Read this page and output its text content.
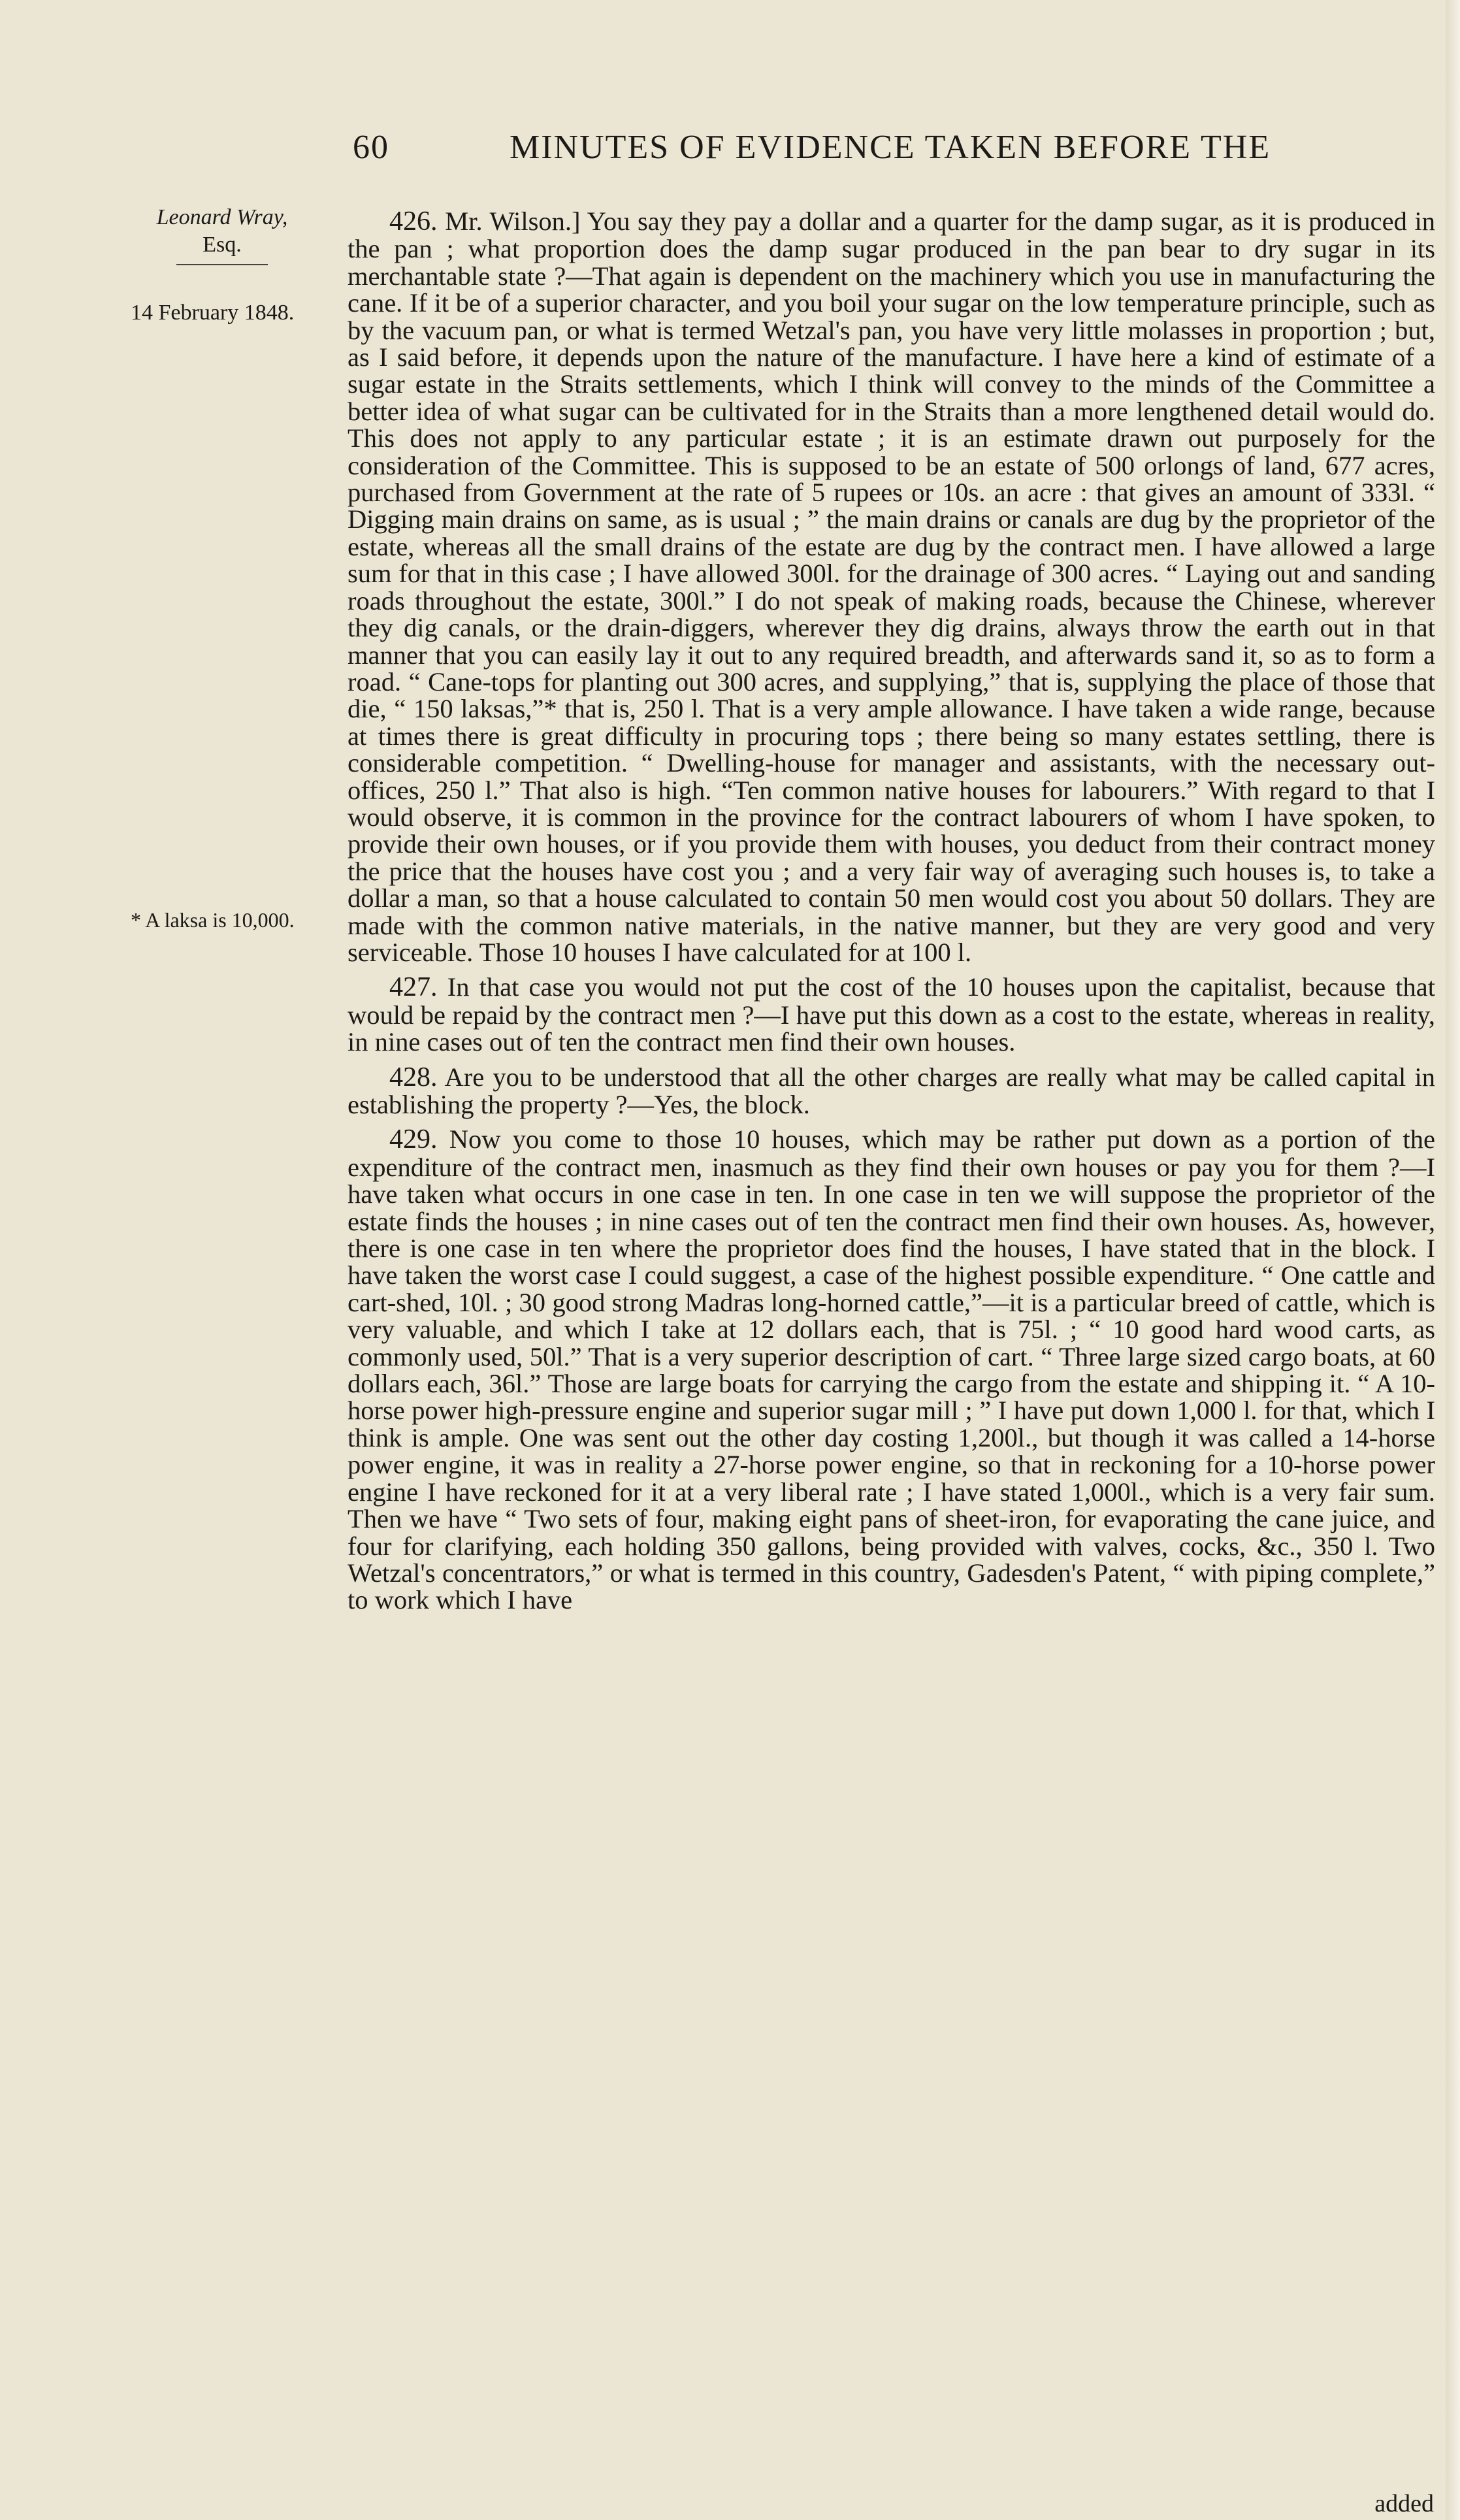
60	MINUTES OF EVIDENCE TAKEN BEFORE THE
Leonard Wray,
Esq.
14 February 1848.
* A laksa is 10,000.

426. Mr. Wilson.] You say they pay a dollar and a quarter for the damp sugar, as it is produced in the pan ; what proportion does the damp sugar produced in the pan bear to dry sugar in its merchantable state ?—That again is dependent on the machinery which you use in manufacturing the cane. If it be of a superior character, and you boil your sugar on the low temperature principle, such as by the vacuum pan, or what is termed Wetzal's pan, you have very little molasses in proportion ; but, as I said before, it depends upon the nature of the manufacture. I have here a kind of estimate of a sugar estate in the Straits settlements, which I think will convey to the minds of the Committee a better idea of what sugar can be cultivated for in the Straits than a more lengthened detail would do. This does not apply to any particular estate ; it is an estimate drawn out purposely for the consideration of the Committee. This is supposed to be an estate of 500 orlongs of land, 677 acres, purchased from Government at the rate of 5 rupees or 10s. an acre : that gives an amount of 333l. “ Digging main drains on same, as is usual ; ” the main drains or canals are dug by the proprietor of the estate, whereas all the small drains of the estate are dug by the contract men. I have allowed a large sum for that in this case ; I have allowed 300l. for the drainage of 300 acres. “ Laying out and sanding roads throughout the estate, 300l.” I do not speak of making roads, because the Chinese, wherever they dig canals, or the drain-diggers, wherever they dig drains, always throw the earth out in that manner that you can easily lay it out to any required breadth, and afterwards sand it, so as to form a road. “ Cane-tops for planting out 300 acres, and supplying,” that is, supplying the place of those that die, “ 150 laksas,”* that is, 250 l. That is a very ample allowance. I have taken a wide range, because at times there is great difficulty in procuring tops ; there being so many estates settling, there is considerable competition. “ Dwelling-house for manager and assistants, with the necessary out-offices, 250 l.” That also is high. “Ten common native houses for labourers.” With regard to that I would observe, it is common in the province for the contract labourers of whom I have spoken, to provide their own houses, or if you provide them with houses, you deduct from their contract money the price that the houses have cost you ; and a very fair way of averaging such houses is, to take a dollar a man, so that a house calculated to contain 50 men would cost you about 50 dollars. They are made with the common native materials, in the native manner, but they are very good and very serviceable. Those 10 houses I have calculated for at 100 l.

427. In that case you would not put the cost of the 10 houses upon the capitalist, because that would be repaid by the contract men ?—I have put this down as a cost to the estate, whereas in reality, in nine cases out of ten the contract men find their own houses.

428. Are you to be understood that all the other charges are really what may be called capital in establishing the property ?—Yes, the block.

429. Now you come to those 10 houses, which may be rather put down as a portion of the expenditure of the contract men, inasmuch as they find their own houses or pay you for them ?—I have taken what occurs in one case in ten. In one case in ten we will suppose the proprietor of the estate finds the houses ; in nine cases out of ten the contract men find their own houses. As, however, there is one case in ten where the proprietor does find the houses, I have stated that in the block. I have taken the worst case I could suggest, a case of the highest possible expenditure. “ One cattle and cart-shed, 10l. ; 30 good strong Madras long-horned cattle,”—it is a particular breed of cattle, which is very valuable, and which I take at 12 dollars each, that is 75l. ; “ 10 good hard wood carts, as commonly used, 50l.” That is a very superior description of cart. “ Three large sized cargo boats, at 60 dollars each, 36l.” Those are large boats for carrying the cargo from the estate and shipping it. “ A 10-horse power high-pressure engine and superior sugar mill ; ” I have put down 1,000 l. for that, which I think is ample. One was sent out the other day costing 1,200l., but though it was called a 14-horse power engine, it was in reality a 27-horse power engine, so that in reckoning for a 10-horse power engine I have reckoned for it at a very liberal rate ; I have stated 1,000l., which is a very fair sum. Then we have “ Two sets of four, making eight pans of sheet-iron, for evaporating the cane juice, and four for clarifying, each holding 350 gallons, being provided with valves, cocks, &c., 350 l. Two Wetzal's concentrators,” or what is termed in this country, Gadesden's Patent, “ with piping complete,” to work which I have

added
